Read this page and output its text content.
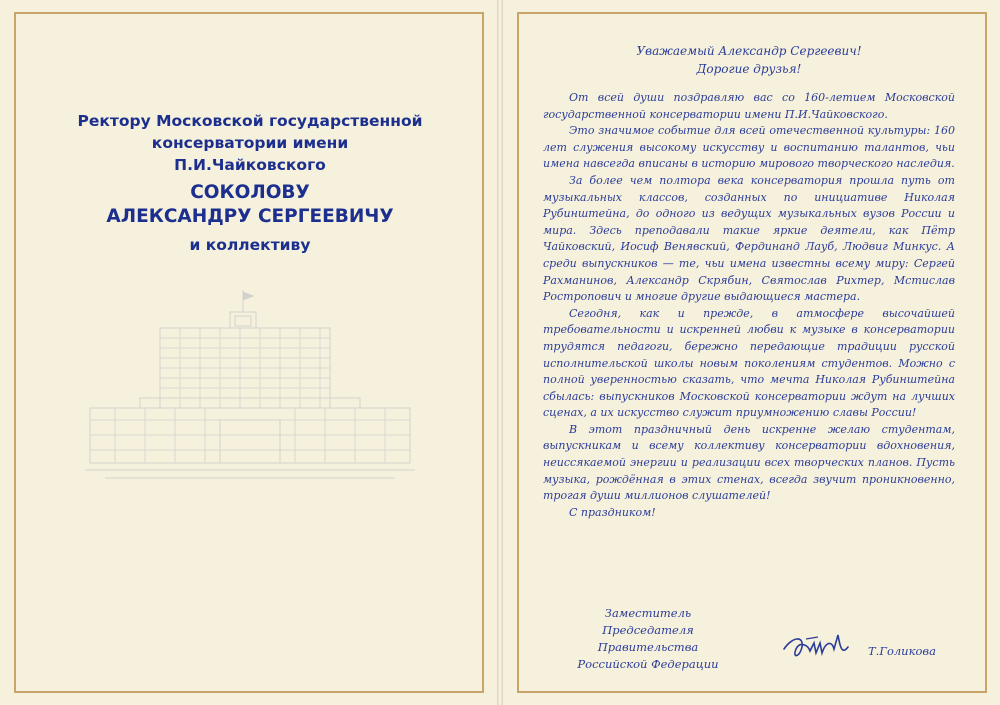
Ректору Московской государственной
консерватории имени
П.И.Чайковского
СОКОЛОВУ
АЛЕКСАНДРУ СЕРГЕЕВИЧУ
и коллективу
Уважаемый Александр Сергеевич!
Дорогие друзья!

От всей души поздравляю вас со 160-летием Московской государственной консерватории имени П.И.Чайковского.

Это значимое событие для всей отечественной культуры: 160 лет служения высокому искусству и воспитанию талантов, чьи имена навсегда вписаны в историю мирового творческого наследия.

За более чем полтора века консерватория прошла путь от музыкальных классов, созданных по инициативе Николая Рубинштейна, до одного из ведущих музыкальных вузов России и мира. Здесь преподавали такие яркие деятели, как Пётр Чайковский, Иосиф Венявский, Фердинанд Лауб, Людвиг Минкус. А среди выпускников — те, чьи имена известны всему миру: Сергей Рахманинов, Александр Скрябин, Святослав Рихтер, Мстислав Ростропович и многие другие выдающиеся мастера.

Сегодня, как и прежде, в атмосфере высочайшей требовательности и искренней любви к музыке в консерватории трудятся педагоги, бережно передающие традиции русской исполнительской школы новым поколениям студентов. Можно с полной уверенностью сказать, что мечта Николая Рубинштейна сбылась: выпускников Московской консерватории ждут на лучших сценах, а их искусство служит приумножению славы России!

В этот праздничный день искренне желаю студентам, выпускникам и всему коллективу консерватории вдохновения, неиссякаемой энергии и реализации всех творческих планов. Пусть музыка, рождённая в этих стенах, всегда звучит проникновенно, трогая души миллионов слушателей!

С праздником!

Заместитель
Председателя Правительства
Российской Федерации
Т.Голикова
